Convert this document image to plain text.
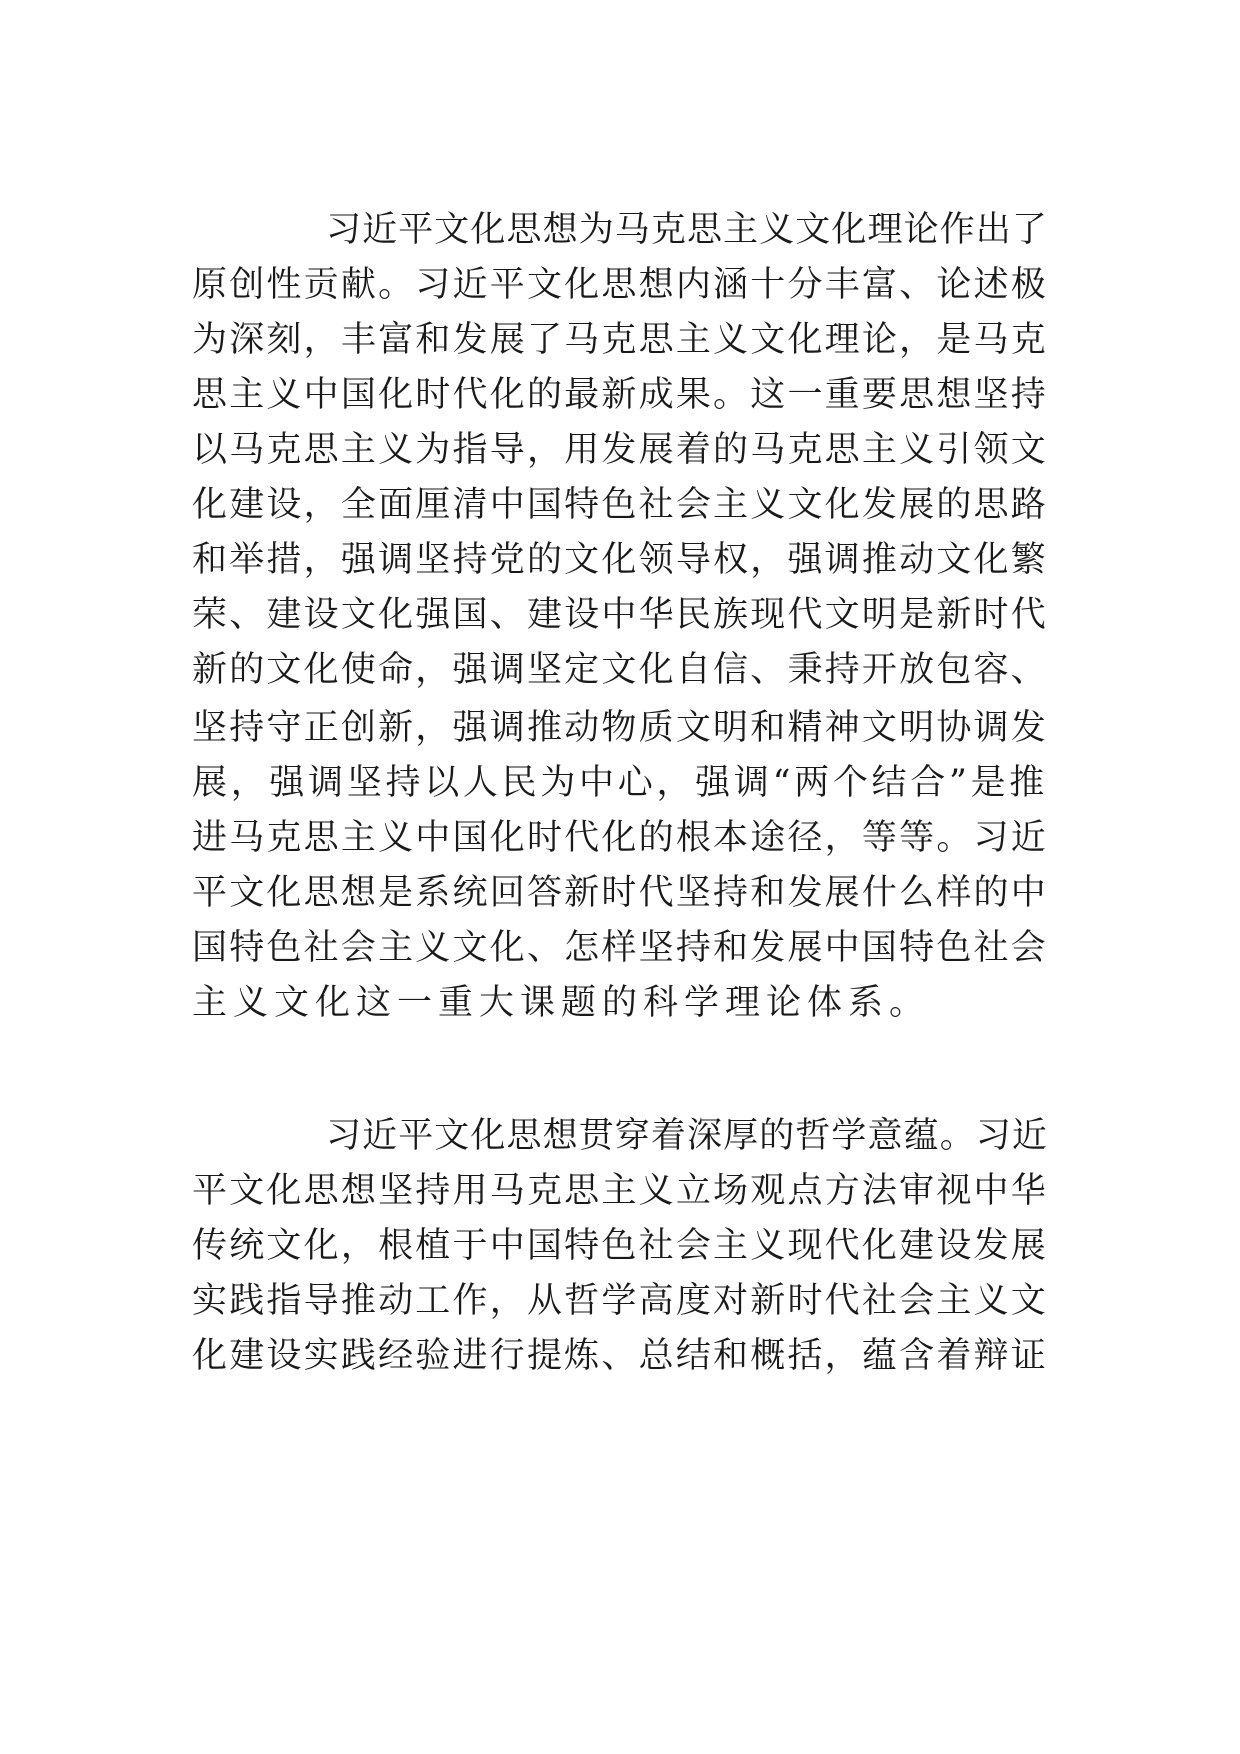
习近平文化思想为马克思主义文化理论作出了
原创性贡献。习近平文化思想内涵十分丰富、论述极
为深刻，丰富和发展了马克思主义文化理论，是马克
思主义中国化时代化的最新成果。这一重要思想坚持
以马克思主义为指导，用发展着的马克思主义引领文
化建设，全面厘清中国特色社会主义文化发展的思路
和举措，强调坚持党的文化领导权，强调推动文化繁
荣、建设文化强国、建设中华民族现代文明是新时代
新的文化使命，强调坚定文化自信、秉持开放包容、
坚持守正创新，强调推动物质文明和精神文明协调发
展，强调坚持以人民为中心，强调“两个结合”是推
进马克思主义中国化时代化的根本途径，等等。习近
平文化思想是系统回答新时代坚持和发展什么样的中
国特色社会主义文化、怎样坚持和发展中国特色社会
主义文化这一重大课题的科学理论体系。
习近平文化思想贯穿着深厚的哲学意蕴。习近
平文化思想坚持用马克思主义立场观点方法审视中华
传统文化，根植于中国特色社会主义现代化建设发展
实践指导推动工作，从哲学高度对新时代社会主义文
化建设实践经验进行提炼、总结和概括，蕴含着辩证
